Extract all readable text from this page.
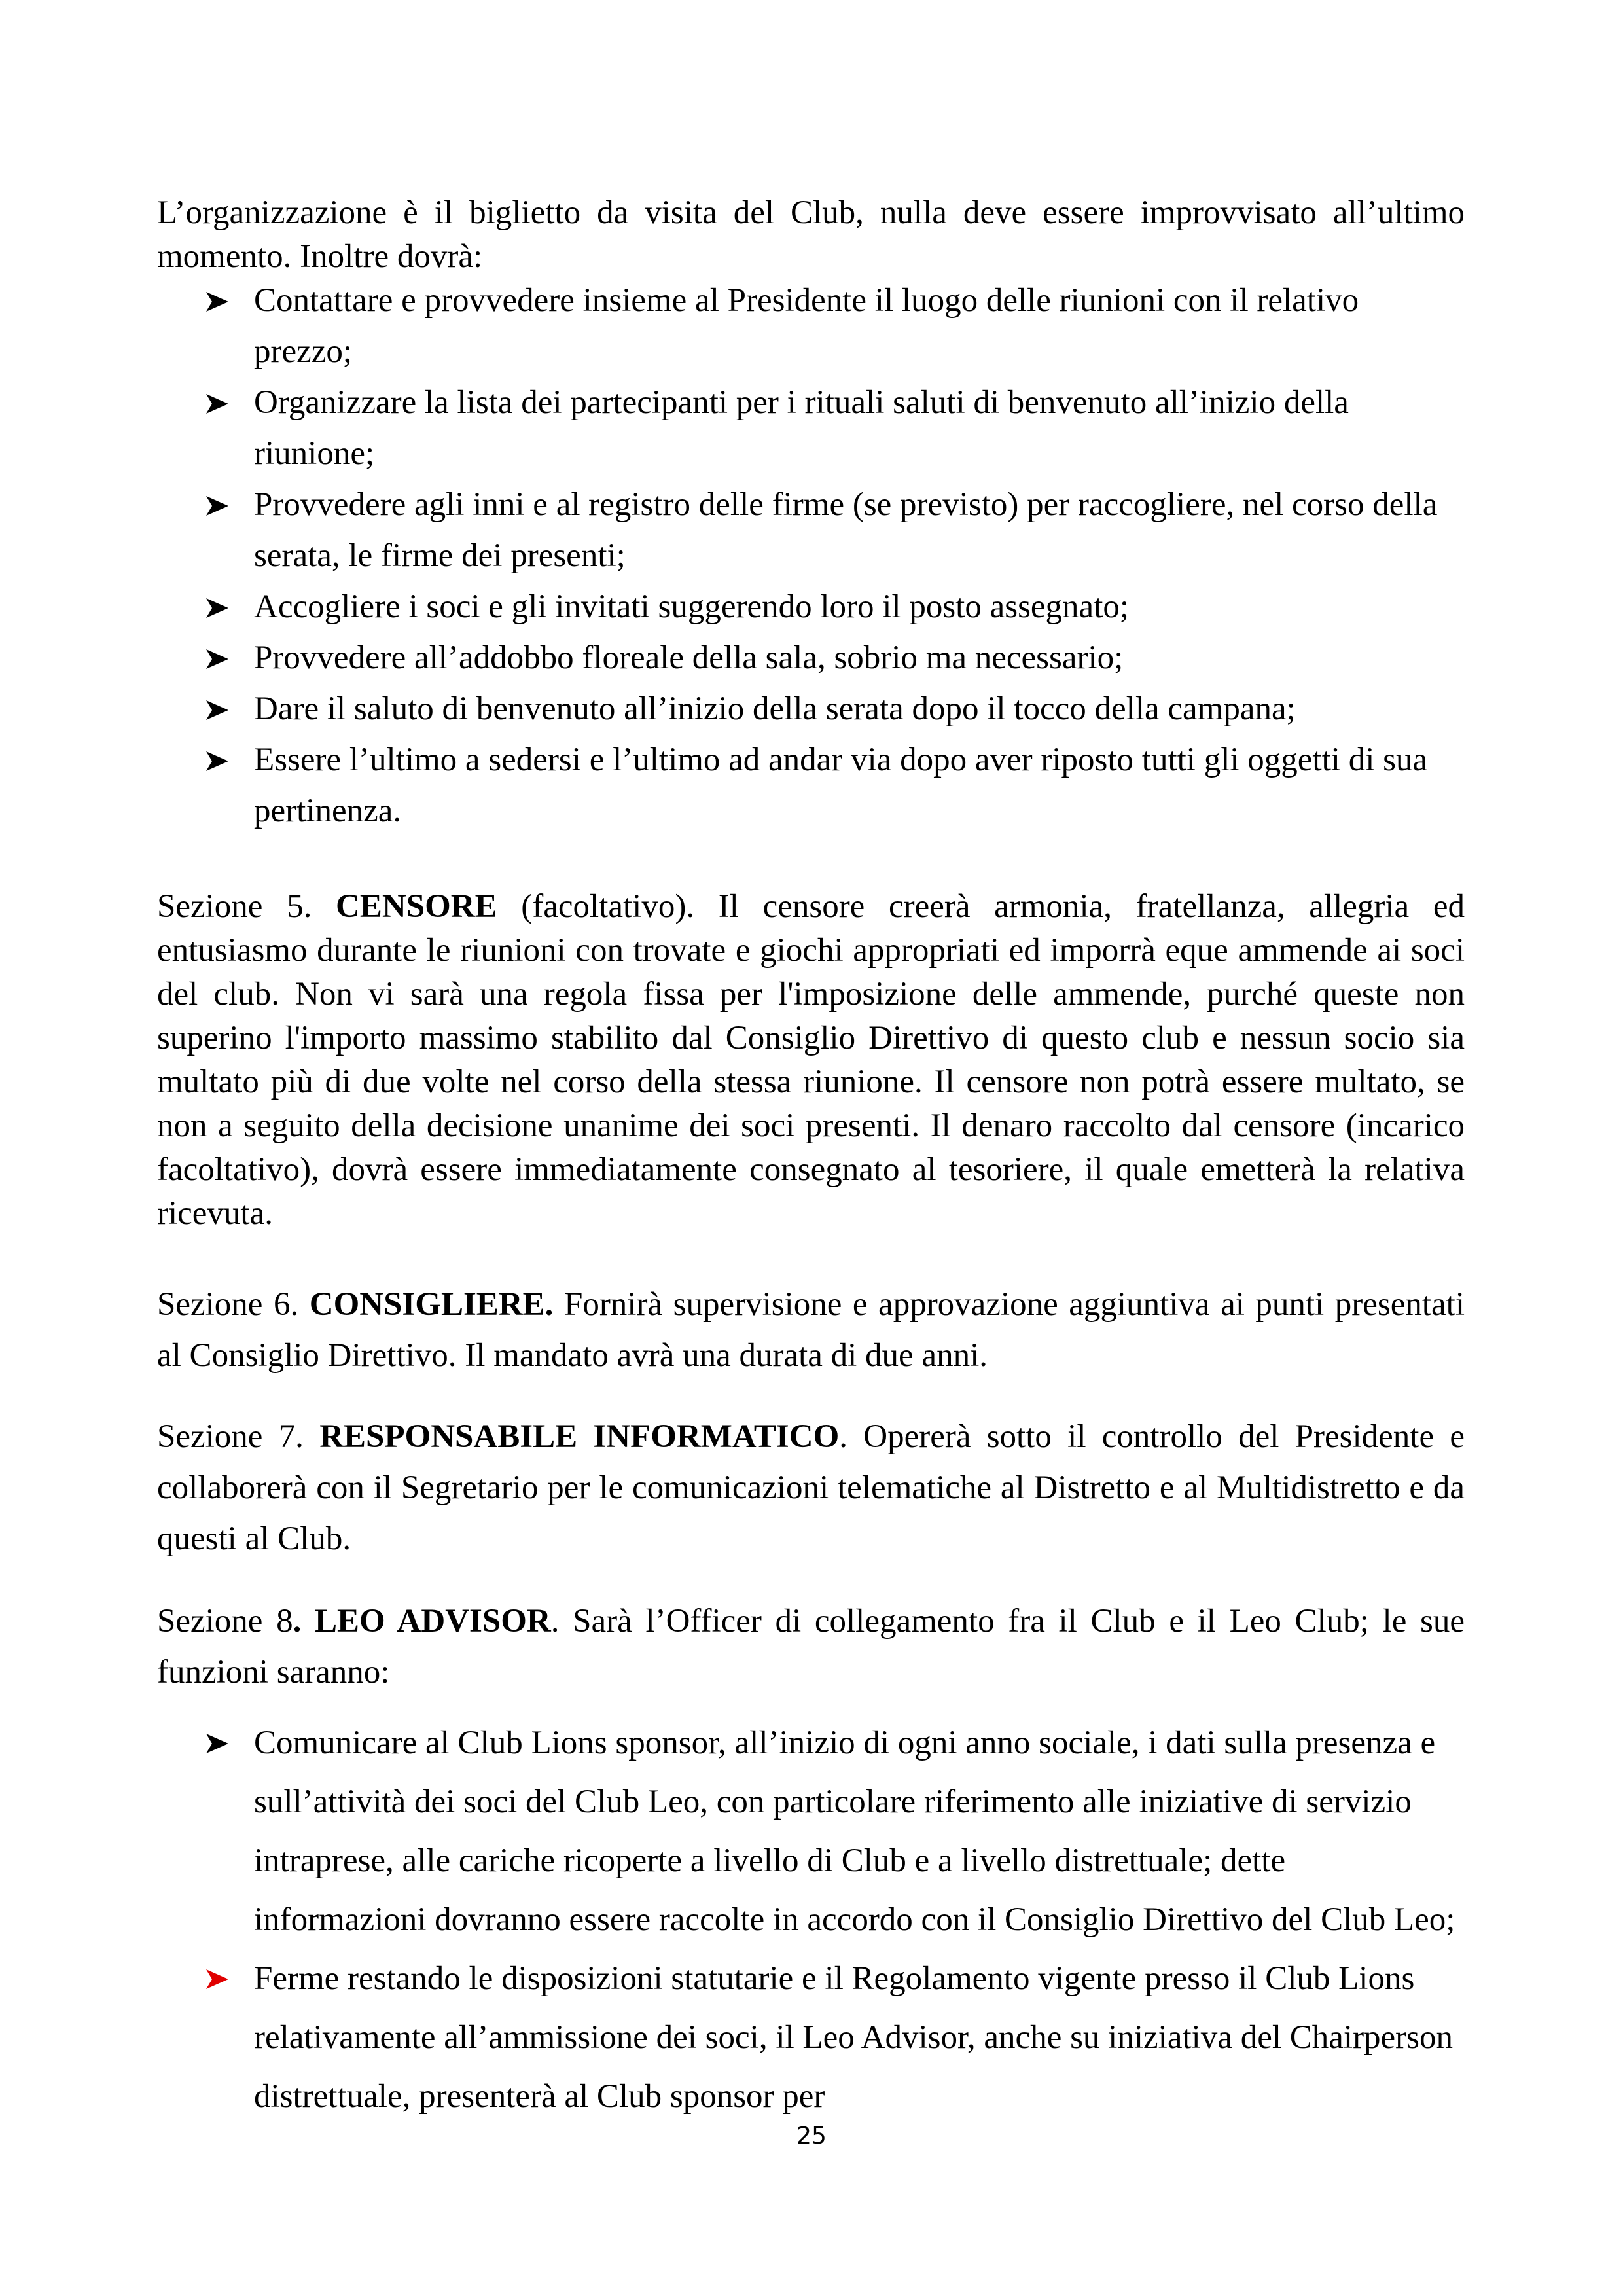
L’organizzazione è il biglietto da visita del Club, nulla deve essere improvvisato all’ultimo momento. Inoltre dovrà:

Contattare e provvedere insieme al Presidente il luogo delle riunioni con il relativo prezzo;
Organizzare la lista dei partecipanti per i rituali saluti di benvenuto all’inizio della riunione;
Provvedere agli inni e al registro delle firme (se previsto) per raccogliere, nel corso della serata, le firme dei presenti;
Accogliere i soci e gli invitati suggerendo loro il posto assegnato;
Provvedere all’addobbo floreale della sala, sobrio ma necessario;
Dare il saluto di benvenuto all’inizio della serata dopo il tocco della campana;
Essere l’ultimo a sedersi e l’ultimo ad andar via dopo aver riposto tutti gli oggetti di sua pertinenza.

Sezione 5. CENSORE (facoltativo). Il censore creerà armonia, fratellanza, allegria ed entusiasmo durante le riunioni con trovate e giochi appropriati ed imporrà eque ammende ai soci del club. Non vi sarà una regola fissa per l'imposizione delle ammende, purché queste non superino l'importo massimo stabilito dal Consiglio Direttivo di questo club e nessun socio sia multato più di due volte nel corso della stessa riunione. Il censore non potrà essere multato, se non a seguito della decisione unanime dei soci presenti. Il denaro raccolto dal censore (incarico facoltativo), dovrà essere immediatamente consegnato al tesoriere, il quale emetterà la relativa ricevuta.

Sezione 6. CONSIGLIERE. Fornirà supervisione e approvazione aggiuntiva ai punti presentati al Consiglio Direttivo. Il mandato avrà una durata di due anni.

Sezione 7. RESPONSABILE INFORMATICO. Opererà sotto il controllo del Presidente e collaborerà con il Segretario per le comunicazioni telematiche al Distretto e al Multidistretto e da questi al Club.

Sezione 8. LEO ADVISOR. Sarà l’Officer di collegamento fra il Club e il Leo Club; le sue funzioni saranno:

Comunicare al Club Lions sponsor, all’inizio di ogni anno sociale, i dati sulla presenza e sull’attività dei soci del Club Leo, con particolare riferimento alle iniziative di servizio intraprese, alle cariche ricoperte a livello di Club e a livello distrettuale; dette informazioni dovranno essere raccolte in accordo con il Consiglio Direttivo del Club Leo;
Ferme restando le disposizioni statutarie e il Regolamento vigente presso il Club Lions relativamente all’ammissione dei soci, il Leo Advisor, anche su iniziativa del Chairperson distrettuale, presenterà al Club sponsor per
25
